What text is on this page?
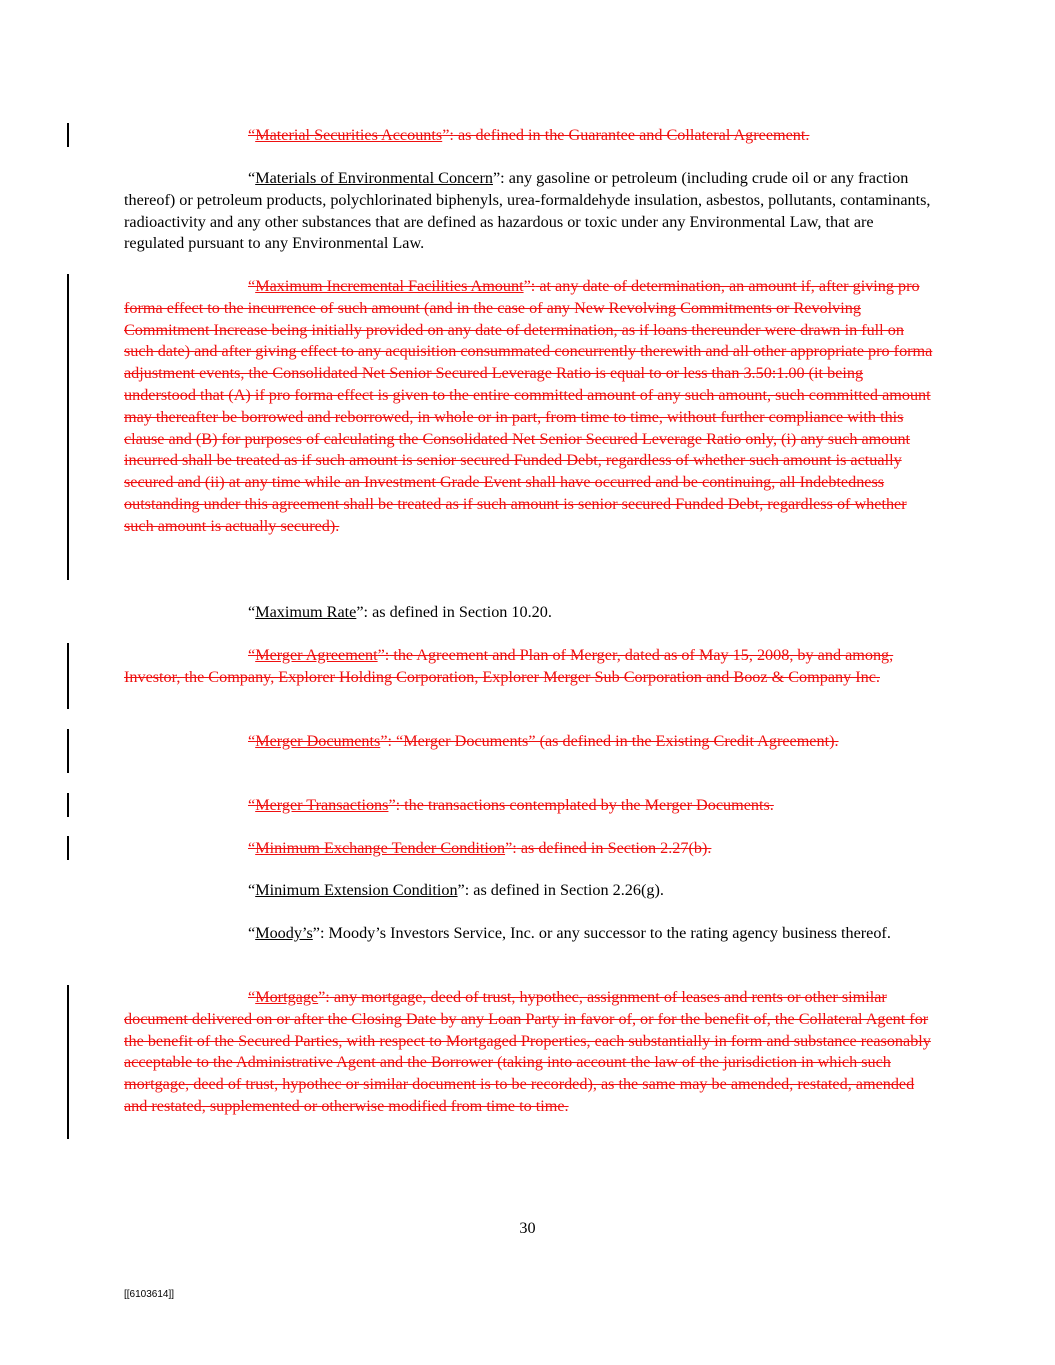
“Material Securities Accounts”: as defined in the Guarantee and Collateral Agreement.

“Materials of Environmental Concern”: any gasoline or petroleum (including crude oil or any fraction thereof) or petroleum products, polychlorinated biphenyls, urea-formaldehyde insulation, asbestos, pollutants, contaminants, radioactivity and any other substances that are defined as hazardous or toxic under any Environmental Law, that are regulated pursuant to any Environmental Law.

“Maximum Incremental Facilities Amount”: at any date of determination, an amount if, after giving pro forma effect to the incurrence of such amount (and in the case of any New Revolving Commitments or Revolving Commitment Increase being initially provided on any date of determination, as if loans thereunder were drawn in full on such date) and after giving effect to any acquisition consummated concurrently therewith and all other appropriate pro forma adjustment events, the Consolidated Net Senior Secured Leverage Ratio is equal to or less than 3.50:1.00 (it being understood that (A) if pro forma effect is given to the entire committed amount of any such amount, such committed amount may thereafter be borrowed and reborrowed, in whole or in part, from time to time, without further compliance with this clause and (B) for purposes of calculating the Consolidated Net Senior Secured Leverage Ratio only, (i) any such amount incurred shall be treated as if such amount is senior secured Funded Debt, regardless of whether such amount is actually secured and (ii) at any time while an Investment Grade Event shall have occurred and be continuing, all Indebtedness outstanding under this agreement shall be treated as if such amount is senior secured Funded Debt, regardless of whether such amount is actually secured).

“Maximum Rate”: as defined in Section 10.20.

“Merger Agreement”: the Agreement and Plan of Merger, dated as of May 15, 2008, by and among, Investor, the Company, Explorer Holding Corporation, Explorer Merger Sub Corporation and Booz & Company Inc.

“Merger Documents”: “Merger Documents” (as defined in the Existing Credit Agreement).

“Merger Transactions”: the transactions contemplated by the Merger Documents.

“Minimum Exchange Tender Condition”: as defined in Section 2.27(b).

“Minimum Extension Condition”: as defined in Section 2.26(g).

“Moody’s”: Moody’s Investors Service, Inc. or any successor to the rating agency business thereof.

“Mortgage”: any mortgage, deed of trust, hypothec, assignment of leases and rents or other similar document delivered on or after the Closing Date by any Loan Party in favor of, or for the benefit of, the Collateral Agent for the benefit of the Secured Parties, with respect to Mortgaged Properties, each substantially in form and substance reasonably acceptable to the Administrative Agent and the Borrower (taking into account the law of the jurisdiction in which such mortgage, deed of trust, hypothec or similar document is to be recorded), as the same may be amended, restated, amended and restated, supplemented or otherwise modified from time to time.

30
[[6103614]]
